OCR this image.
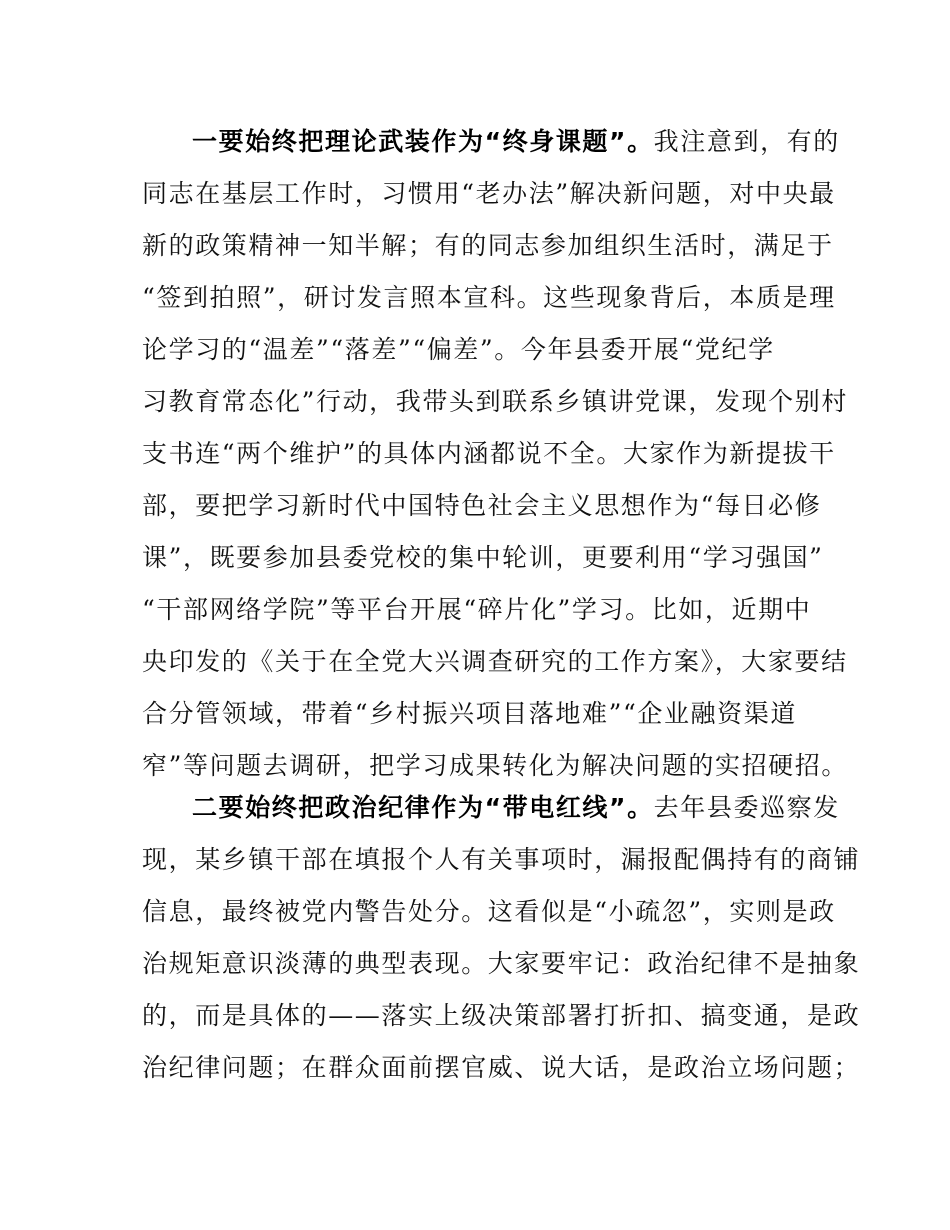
一要始终把理论武装作为“终身课题”。我注意到，有的
同志在基层工作时，习惯用“老办法”解决新问题，对中央最
新的政策精神一知半解；有的同志参加组织生活时，满足于
“签到拍照”，研讨发言照本宣科。这些现象背后，本质是理
论学习的“温差”“落差”“偏差”。今年县委开展“党纪学
习教育常态化”行动，我带头到联系乡镇讲党课，发现个别村
支书连“两个维护”的具体内涵都说不全。大家作为新提拔干
部，要把学习新时代中国特色社会主义思想作为“每日必修
课”，既要参加县委党校的集中轮训，更要利用“学习强国”
“干部网络学院”等平台开展“碎片化”学习。比如，近期中
央印发的《关于在全党大兴调查研究的工作方案》，大家要结
合分管领域，带着“乡村振兴项目落地难”“企业融资渠道
窄”等问题去调研，把学习成果转化为解决问题的实招硬招。
二要始终把政治纪律作为“带电红线”。去年县委巡察发
现，某乡镇干部在填报个人有关事项时，漏报配偶持有的商铺
信息，最终被党内警告处分。这看似是“小疏忽”，实则是政
治规矩意识淡薄的典型表现。大家要牢记：政治纪律不是抽象
的，而是具体的——落实上级决策部署打折扣、搞变通，是政
治纪律问题；在群众面前摆官威、说大话，是政治立场问题；
